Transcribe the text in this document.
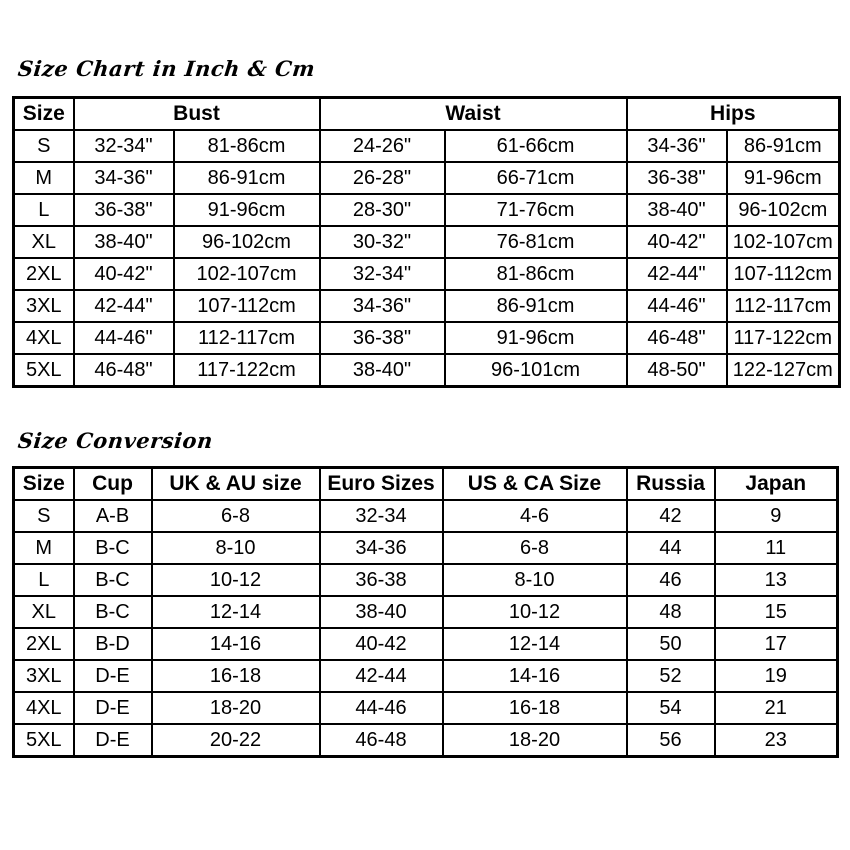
Size Chart in Inch & Cm
Size	Bust		Waist		Hips	
S	32-34"	81-86cm	24-26"	61-66cm	34-36"	86-91cm
M	34-36"	86-91cm	26-28"	66-71cm	36-38"	91-96cm
L	36-38"	91-96cm	28-30"	71-76cm	38-40"	96-102cm
XL	38-40"	96-102cm	30-32"	76-81cm	40-42"	102-107cm
2XL	40-42"	102-107cm	32-34"	81-86cm	42-44"	107-112cm
3XL	42-44"	107-112cm	34-36"	86-91cm	44-46"	112-117cm
4XL	44-46"	112-117cm	36-38"	91-96cm	46-48"	117-122cm
5XL	46-48"	117-122cm	38-40"	96-101cm	48-50"	122-127cm
Size Conversion
Size	Cup	UK & AU size	Euro Sizes	US & CA Size	Russia	Japan
S	A-B	6-8	32-34	4-6	42	9
M	B-C	8-10	34-36	6-8	44	11
L	B-C	10-12	36-38	8-10	46	13
XL	B-C	12-14	38-40	10-12	48	15
2XL	B-D	14-16	40-42	12-14	50	17
3XL	D-E	16-18	42-44	14-16	52	19
4XL	D-E	18-20	44-46	16-18	54	21
5XL	D-E	20-22	46-48	18-20	56	23
